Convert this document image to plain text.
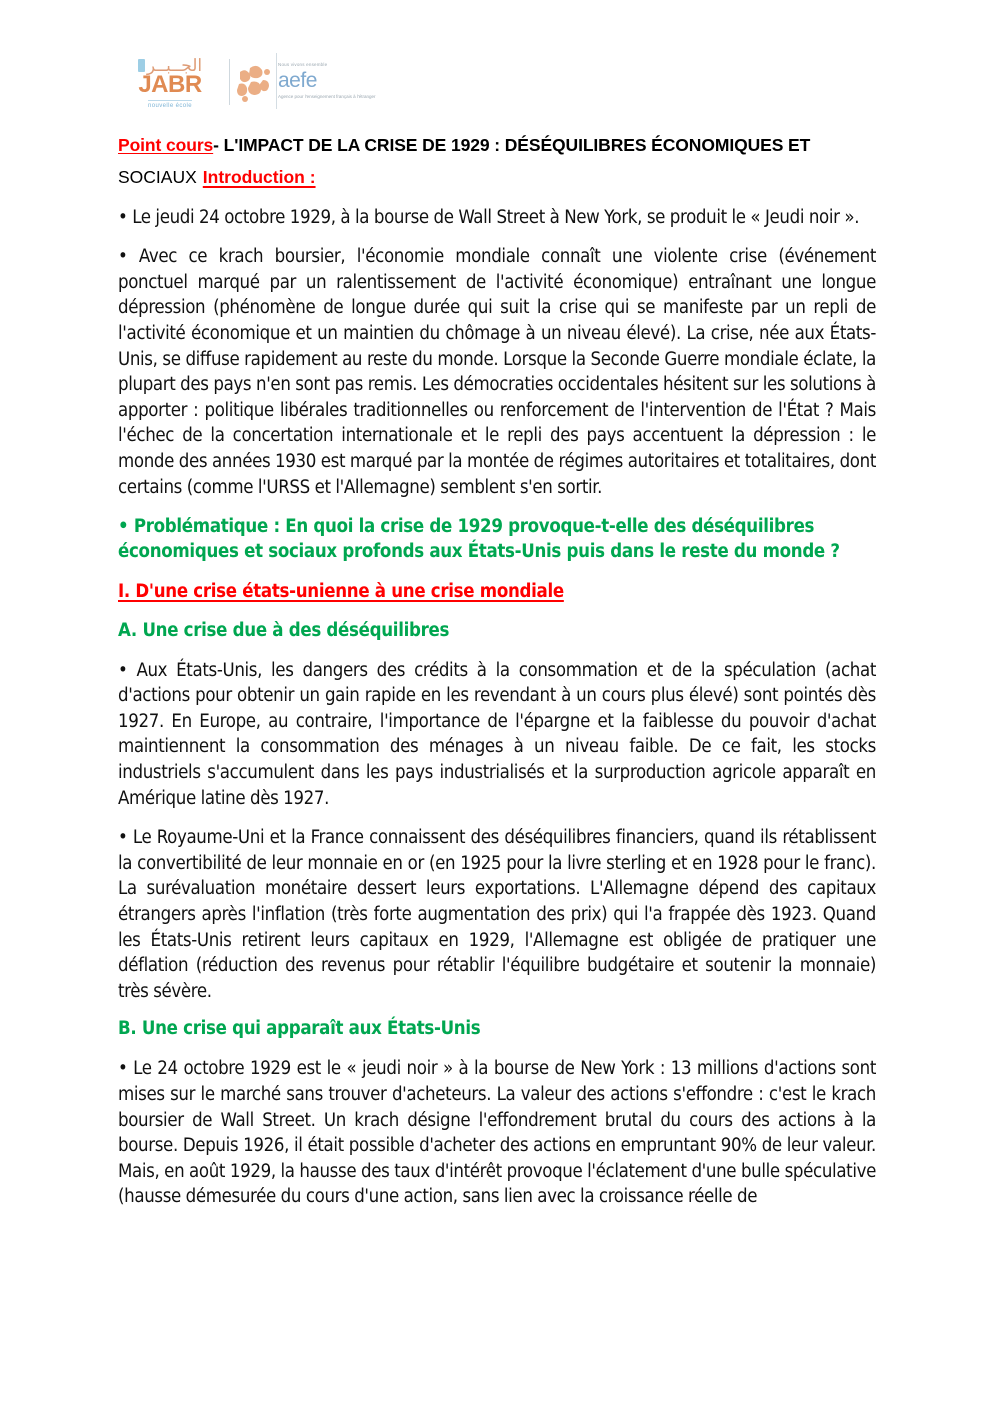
الجــبــر
JABR
nouvelle école
Nous vivons ensemble
aefe
Agence pour l'enseignement français à l'étranger
Point cours- L'IMPACT DE LA CRISE DE 1929 : DÉSÉQUILIBRES ÉCONOMIQUES ET
SOCIAUX Introduction :

• Le jeudi 24 octobre 1929, à la bourse de Wall Street à New York, se produit le « Jeudi noir ».

• Avec ce krach boursier, l'économie mondiale connaît une violente crise (événement ponctuel marqué par un ralentissement de l'activité économique) entraînant une longue dépression (phénomène de longue durée qui suit la crise qui se manifeste par un repli de l'activité économique et un maintien du chômage à un niveau élevé). La crise, née aux États-Unis, se diffuse rapidement au reste du monde. Lorsque la Seconde Guerre mondiale éclate, la plupart des pays n'en sont pas remis. Les démocraties occidentales hésitent sur les solutions à apporter : politique libérales traditionnelles ou renforcement de l'intervention de l'État ? Mais l'échec de la concertation internationale et le repli des pays accentuent la dépression : le monde des années 1930 est marqué par la montée de régimes autoritaires et totalitaires, dont certains (comme l'URSS et l'Allemagne) semblent s'en sortir.

• Problématique : En quoi la crise de 1929 provoque-t-elle des déséquilibres économiques et sociaux profonds aux États-Unis puis dans le reste du monde ?
I. D'une crise états-unienne à une crise mondiale
A. Une crise due à des déséquilibres

• Aux États-Unis, les dangers des crédits à la consommation et de la spéculation (achat d'actions pour obtenir un gain rapide en les revendant à un cours plus élevé) sont pointés dès 1927. En Europe, au contraire, l'importance de l'épargne et la faiblesse du pouvoir d'achat maintiennent la consommation des ménages à un niveau faible. De ce fait, les stocks industriels s'accumulent dans les pays industrialisés et la surproduction agricole apparaît en Amérique latine dès 1927.

• Le Royaume-Uni et la France connaissent des déséquilibres financiers, quand ils rétablissent la convertibilité de leur monnaie en or (en 1925 pour la livre sterling et en 1928 pour le franc). La surévaluation monétaire dessert leurs exportations. L'Allemagne dépend des capitaux étrangers après l'inflation (très forte augmentation des prix) qui l'a frappée dès 1923. Quand les États-Unis retirent leurs capitaux en 1929, l'Allemagne est obligée de pratiquer une déflation (réduction des revenus pour rétablir l'équilibre budgétaire et soutenir la monnaie) très sévère.

B. Une crise qui apparaît aux États-Unis

• Le 24 octobre 1929 est le « jeudi noir » à la bourse de New York : 13 millions d'actions sont mises sur le marché sans trouver d'acheteurs. La valeur des actions s'effondre : c'est le krach boursier de Wall Street. Un krach désigne l'effondrement brutal du cours des actions à la bourse. Depuis 1926, il était possible d'acheter des actions en empruntant 90% de leur valeur. Mais, en août 1929, la hausse des taux d'intérêt provoque l'éclatement d'une bulle spéculative (hausse démesurée du cours d'une action, sans lien avec la croissance réelle de
